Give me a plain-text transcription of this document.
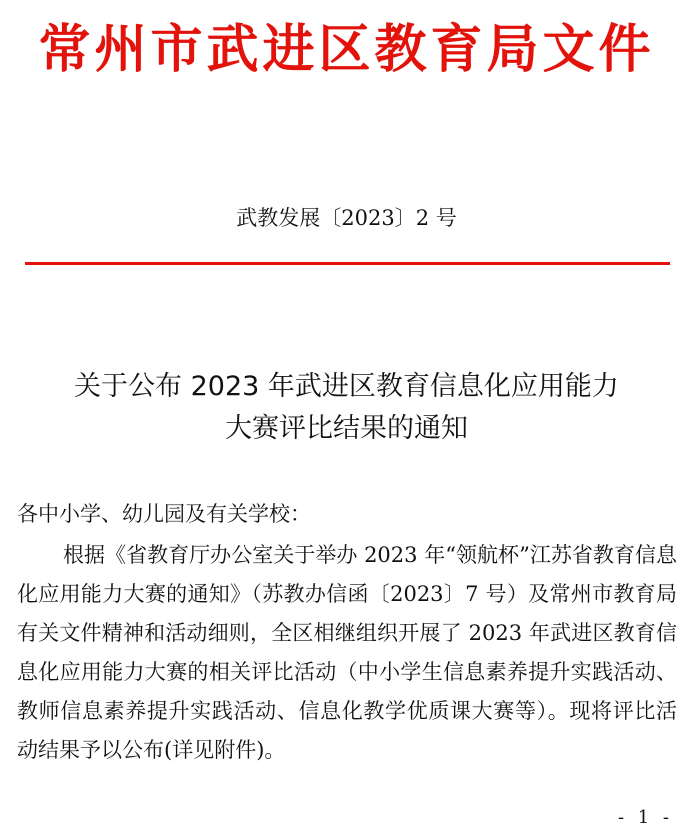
常州市武进区教育局文件
武教发展〔2023〕2 号
关于公布 2023 年武进区教育信息化应用能力
大赛评比结果的通知

各中小学、幼儿园及有关学校：

根据《省教育厅办公室关于举办 2023 年“领航杯”江苏省教育信息化应用能力大赛的通知》（苏教办信函〔2023〕7 号）及常州市教育局有关文件精神和活动细则，全区相继组织开展了 2023 年武进区教育信息化应用能力大赛的相关评比活动（中小学生信息素养提升实践活动、教师信息素养提升实践活动、信息化教学优质课大赛等）。现将评比活动结果予以公布(详见附件)。

- 1 -
